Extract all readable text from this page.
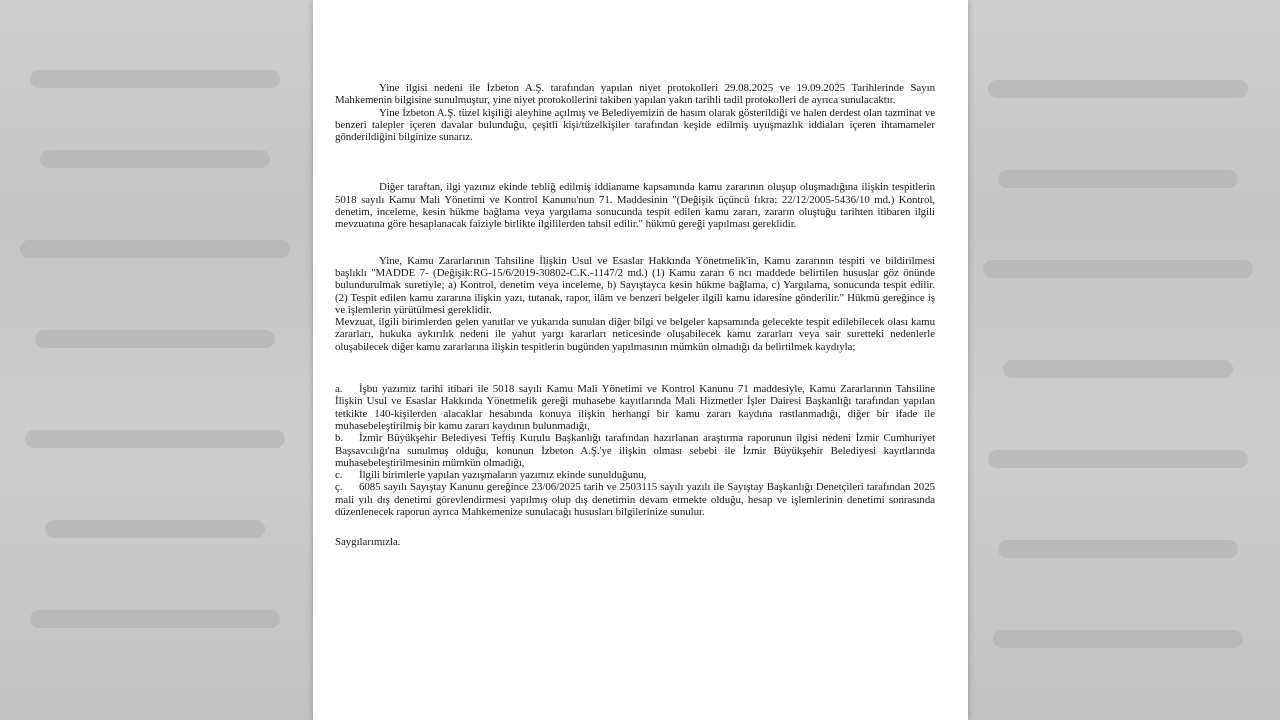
Yine ilgisi nedeni ile İzbeton A.Ş. tarafından yapılan niyet protokolleri 29.08.2025 ve 19.09.2025 Tarihlerinde Sayın Mahkemenin bilgisine sunulmuştur, yine niyet protokollerini takiben yapılan yakın tarihli tadil protokolleri de ayrıca sunulacaktır.

Yine İzbeton A.Ş. tüzel kişiliği aleyhine açılmış ve Belediyemizin de hasım olarak gösterildiği ve halen derdest olan tazminat ve benzeri talepler içeren davalar bulunduğu, çeşitli kişi/tüzelkişiler tarafından keşide edilmiş uyuşmazlık iddiaları içeren ihtamameler gönderildiğini bilginize sunarız.

Diğer taraftan, ilgi yazınız ekinde tebliğ edilmiş iddianame kapsamında kamu zararının oluşup oluşmadığına ilişkin tespitlerin 5018 sayılı Kamu Mali Yönetimi ve Kontrol Kanunu'nun 71. Maddesinin "(Değişik üçüncü fıkra: 22/12/2005-5436/10 md.) Kontrol, denetim, inceleme, kesin hükme bağlama veya yargılama sonucunda tespit edilen kamu zararı, zararın oluştuğu tarihten itibaren ilgili mevzuatına göre hesaplanacak faiziyle birlikte ilgililerden tahsil edilir." hükmü gereği yapılması gereklidir.

Yine, Kamu Zararlarının Tahsiline İlişkin Usul ve Esaslar Hakkında Yönetmelik'in, Kamu zararının tespiti ve bildirilmesi başlıklı "MADDE 7- (Değişik:RG-15/6/2019-30802-C.K.-1147/2 md.) (1) Kamu zararı 6 ncı maddede belirtilen hususlar göz önünde bulundurulmak suretiyle; a) Kontrol, denetim veya inceleme, b) Sayıştayca kesin hükme bağlama, c) Yargılama, sonucunda tespit edilir. (2) Tespit edilen kamu zararına ilişkin yazı, tutanak, rapor, ilâm ve benzeri belgeler ilgili kamu idaresine gönderilir." Hükmü gereğince iş ve işlemlerin yürütülmesi gereklidir.

Mevzuat, ilgili birimlerden gelen yanıtlar ve yukarıda sunulan diğer bilgi ve belgeler kapsamında gelecekte tespit edilebilecek olası kamu zararları, hukuka aykırılık nedeni ile yahut yargı kararları neticesinde oluşabilecek kamu zararları veya sair suretteki nedenlerle oluşabilecek diğer kamu zararlarına ilişkin tespitlerin bugünden yapılmasının mümkün olmadığı da belirtilmek kaydıyla;

a. İşbu yazımız tarihi itibari ile 5018 sayılı Kamu Mali Yönetimi ve Kontrol Kanunu 71 maddesiyle, Kamu Zararlarının Tahsiline İlişkin Usul ve Esaslar Hakkında Yönetmelik gereği muhasebe kayıtlarında Mali Hizmetler İşler Dairesi Başkanlığı tarafından yapılan tetkikte 140-kişilerden alacaklar hesabında konuya ilişkin herhangi bir kamu zararı kaydına rastlanmadığı, diğer bir ifade ile muhasebeleştirilmiş bir kamu zararı kaydının bulunmadığı,
b. İzmir Büyükşehir Belediyesi Teftiş Kurulu Başkanlığı tarafından hazırlanan araştırma raporunun ilgisi nedeni İzmir Cumhuriyet Başsavcılığı'na sunulmuş olduğu, konunun İzbeton A.Ş.'ye ilişkin olması sebebi ile İzmir Büyükşehir Belediyesi kayıtlarında muhasebeleştirilmesinin mümkün olmadığı,
c. İlgili birimlerle yapılan yazışmaların yazımız ekinde sunulduğunu,
ç. 6085 sayılı Sayıştay Kanunu gereğince 23/06/2025 tarih ve 2503115 sayılı yazılı ile Sayıştay Başkanlığı Denetçileri tarafından 2025 mali yılı dış denetimi görevlendirmesi yapılmış olup dış denetimin devam etmekte olduğu, hesap ve işlemlerinin denetimi sonrasında düzenlenecek raporun ayrıca Mahkemenize sunulacağı hususları bilgilerinize sunulur.

Saygılarımızla.
